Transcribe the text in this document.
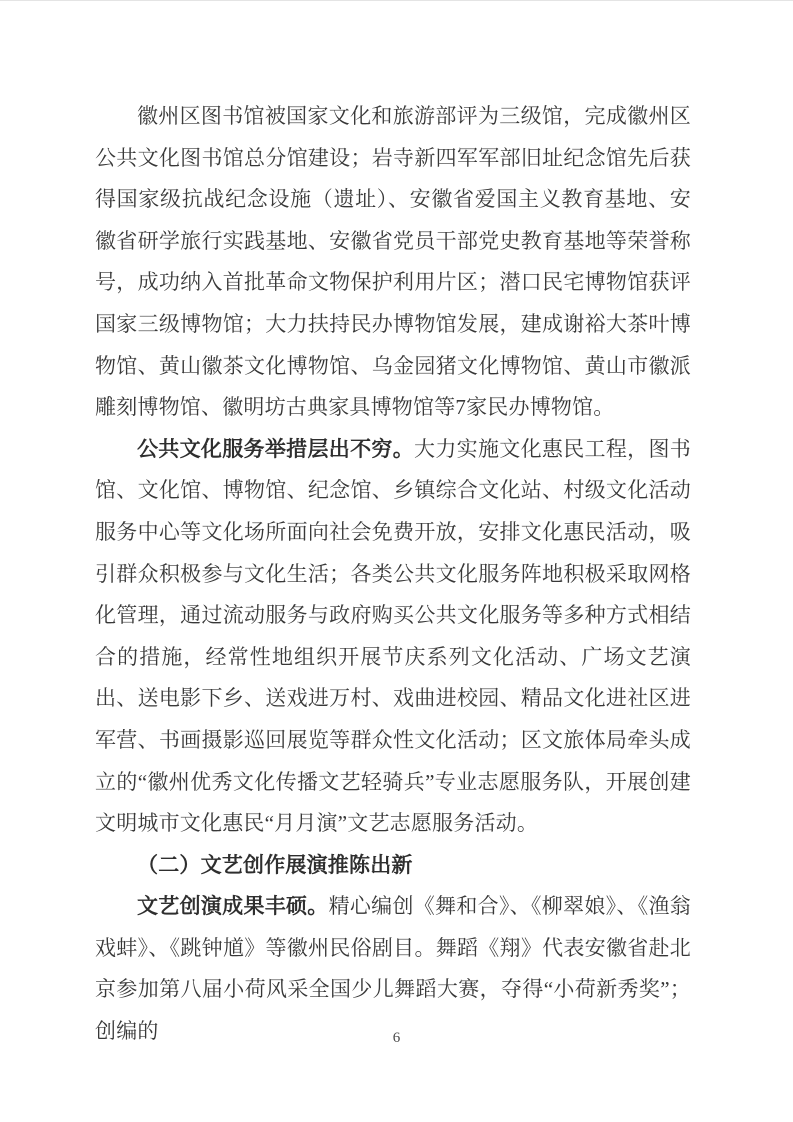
徽州区图书馆被国家文化和旅游部评为三级馆，完成徽州区公共文化图书馆总分馆建设；岩寺新四军军部旧址纪念馆先后获得国家级抗战纪念设施（遗址）、安徽省爱国主义教育基地、安徽省研学旅行实践基地、安徽省党员干部党史教育基地等荣誉称号，成功纳入首批革命文物保护利用片区；潜口民宅博物馆获评国家三级博物馆；大力扶持民办博物馆发展，建成谢裕大茶叶博物馆、黄山徽茶文化博物馆、乌金园猪文化博物馆、黄山市徽派雕刻博物馆、徽明坊古典家具博物馆等7家民办博物馆。

公共文化服务举措层出不穷。大力实施文化惠民工程，图书馆、文化馆、博物馆、纪念馆、乡镇综合文化站、村级文化活动服务中心等文化场所面向社会免费开放，安排文化惠民活动，吸引群众积极参与文化生活；各类公共文化服务阵地积极采取网格化管理，通过流动服务与政府购买公共文化服务等多种方式相结合的措施，经常性地组织开展节庆系列文化活动、广场文艺演出、送电影下乡、送戏进万村、戏曲进校园、精品文化进社区进军营、书画摄影巡回展览等群众性文化活动；区文旅体局牵头成立的“徽州优秀文化传播文艺轻骑兵”专业志愿服务队，开展创建文明城市文化惠民“月月演”文艺志愿服务活动。

（二）文艺创作展演推陈出新

文艺创演成果丰硕。精心编创《舞和合》、《柳翠娘》、《渔翁戏蚌》、《跳钟馗》等徽州民俗剧目。舞蹈《翔》代表安徽省赴北京参加第八届小荷风采全国少儿舞蹈大赛，夺得“小荷新秀奖”；创编的	6
